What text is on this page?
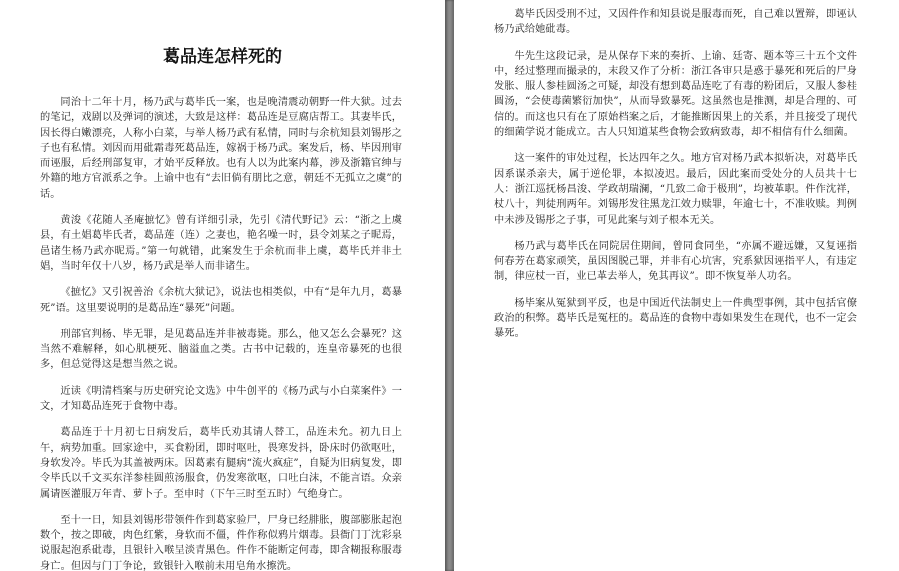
葛品连怎样死的

同治十二年十月，杨乃武与葛毕氏一案，也是晚清震动朝野一件大狱。过去的笔记，戏剧以及弹词的演述，大致是这样：葛品连是豆腐店帮工。其妻毕氏，因长得白嫩漂亮，人称小白菜，与举人杨乃武有私情，同时与余杭知县刘锡彤之子也有私情。刘因而用砒霜毒死葛品连，嫁祸于杨乃武。案发后，杨、毕因刑审而诬服，后经刑部复审，才始平反释放。也有人以为此案内幕，涉及浙籍官绅与外籍的地方官派系之争。上谕中也有“去旧倘有朋比之意，朝廷不无孤立之虞”的话。

黄浚《花随人圣庵摭忆》曾有详细引录，先引《清代野记》云：“浙之上虞县，有土娼葛毕氏者，葛品莲（连）之妻也，艳名噪一时，县令刘某之子昵焉，邑诸生杨乃武亦昵焉。”第一句就错，此案发生于余杭而非上虞，葛毕氏并非土娼，当时年仅十八岁，杨乃武是举人而非诸生。

《摭忆》又引祝善治《余杭大狱记》，说法也相类似，中有“是年九月，葛暴死”语。这里要说明的是葛品连“暴死”问题。

刑部官判杨、毕无罪，是见葛品连并非被毒毙。那么，他又怎么会暴死？这当然不难解释，如心肌梗死、脑溢血之类。古书中记载的，连皇帝暴死的也很多，但总觉得这是想当然之说。

近读《明清档案与历史研究论文选》中牛创平的《杨乃武与小白菜案件》一文，才知葛品连死于食物中毒。

葛品连于十月初七日病发后，葛毕氏劝其请人替工，品连未允。初九日上午，病势加重。回家途中，买食粉团，即时呕吐，畏寒发抖，卧床时仍欲呕吐，身软发冷。毕氏为其盖被两床。因葛素有腿病“流火疯症”，自疑为旧病复发，即令毕氏以千文买东洋参桂圆煎汤服食，仍发寒欲呕，口吐白沫，不能言语。众亲属请医灌服万年青、萝卜子。至申时（下午三时至五时）气绝身亡。

至十一日，知县刘锡彤带领件作到葛家验尸，尸身已经腓胀，腹部膨胀起泡数个，按之即破，肉色红紫，身软而不僵，件作称似鸦片烟毒。县衙门丁沈彩泉说服起泡系砒毒，且银针入喉呈淡青黑色。件作不能断定何毒，即含糊报称服毒身亡。但因与门丁争论，致银针入喉前未用皂角水擦洗。

葛毕氏因受刑不过，又因件作和知县说是服毒而死，自己难以置辩，即诬认杨乃武给她砒毒。

牛先生这段记录，是从保存下来的奏折、上谕、廷寄、题本等三十五个文件中，经过整理而撮录的，末段又作了分析：浙江各审只是惑于暴死和死后的尸身发胀、服人参桂圆汤之可疑，却没有想到葛品连吃了有毒的粉团后，又服人参桂圆汤，“会使毒菌繁衍加快”，从而导致暴死。这虽然也是推测，却是合理的、可信的。而这也只有在了原始档案之后，才能推断因果上的关系，并且接受了现代的细菌学说才能成立。古人只知道某些食物会致病致毒，却不相信有什么细菌。

这一案件的审处过程，长达四年之久。地方官对杨乃武本拟斩决，对葛毕氏因系谋杀亲夫，属于逆伦罪，本拟凌迟。最后，因此案而受处分的人员共十七人：浙江巡抚杨昌浚、学政胡瑞澜，“几致二命于极刑”，均被革职。件作沈祥，杖八十，判徒刑两年。刘锡彤发往黑龙江效力赎罪，年逾七十，不准收赎。判例中未涉及锡彤之子事，可见此案与刘子根本无关。

杨乃武与葛毕氏在同院居住期间，曾同食同坐，“亦属不避远嫌，又复诬指何春芳在葛家顽笑，虽因图脱己罪，并非有心坑害，究系狱因诬指平人，有违定制，律应杖一百，业已革去举人，免其再议”。即不恢复举人功名。

杨毕案从冤狱到平反，也是中国近代法制史上一件典型事例，其中包括官僚政治的积弊。葛毕氏是冤枉的。葛品连的食物中毒如果发生在现代，也不一定会暴死。
